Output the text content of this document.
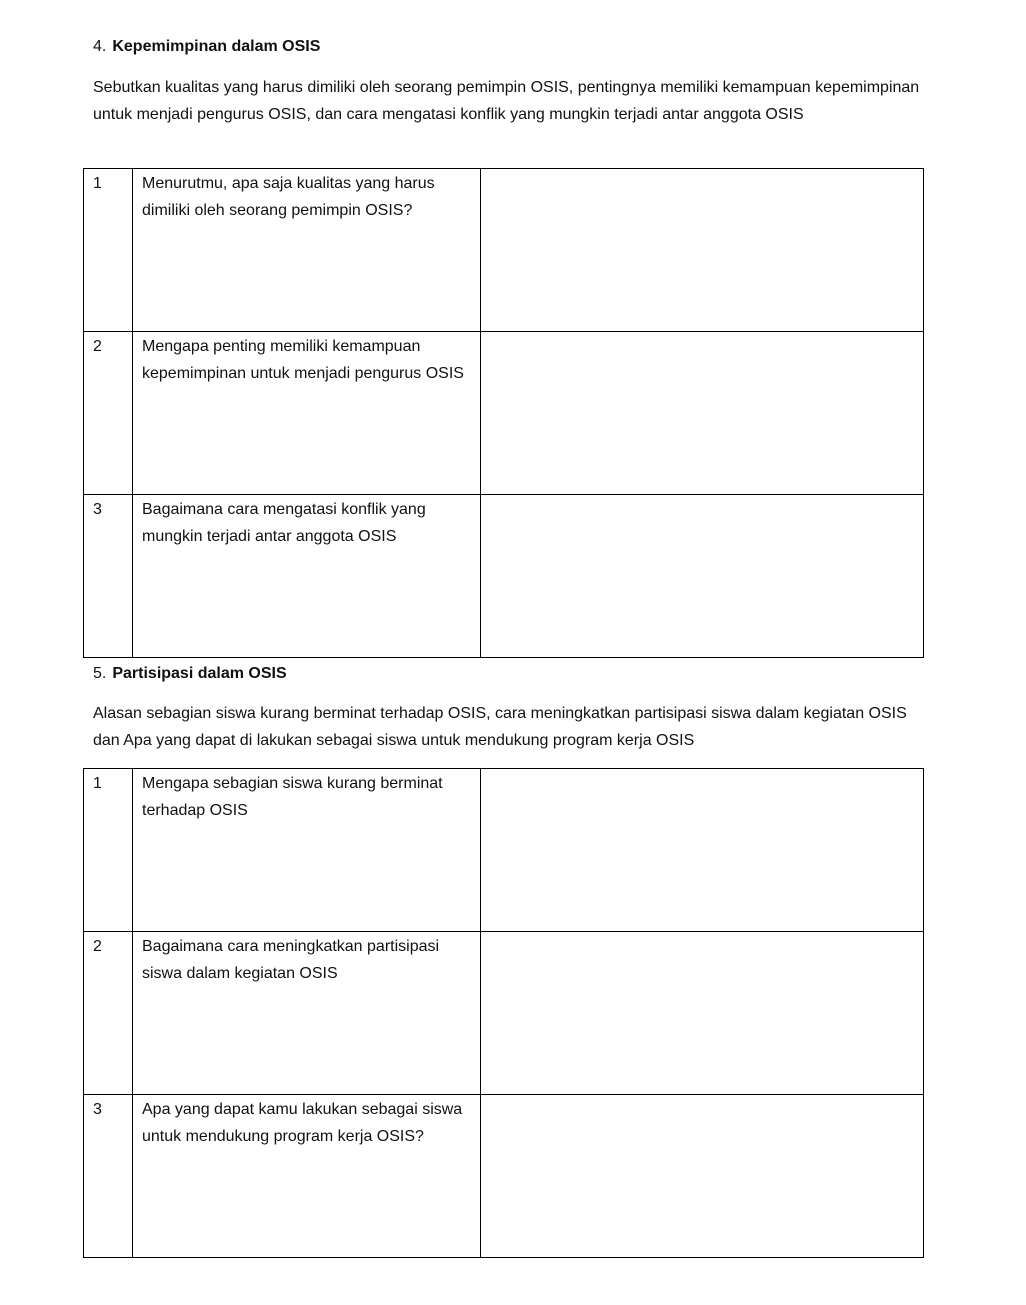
4. Kepemimpinan dalam OSIS

Sebutkan kualitas yang harus dimiliki oleh seorang pemimpin OSIS, pentingnya memiliki kemampuan kepemimpinan untuk menjadi pengurus OSIS, dan cara mengatasi konflik yang mungkin terjadi antar anggota OSIS

1	Menurutmu, apa saja kualitas yang harus dimiliki oleh seorang pemimpin OSIS?	
2	Mengapa penting memiliki kemampuan kepemimpinan untuk menjadi pengurus OSIS	
3	Bagaimana cara mengatasi konflik yang mungkin terjadi antar anggota OSIS	
5. Partisipasi dalam OSIS

Alasan sebagian siswa kurang berminat terhadap OSIS, cara meningkatkan partisipasi siswa dalam kegiatan OSIS dan Apa yang dapat di lakukan sebagai siswa untuk mendukung program kerja OSIS

1	Mengapa sebagian siswa kurang berminat terhadap OSIS	
2	Bagaimana cara meningkatkan partisipasi siswa dalam kegiatan OSIS	
3	Apa yang dapat kamu lakukan sebagai siswa untuk mendukung program kerja OSIS?	
